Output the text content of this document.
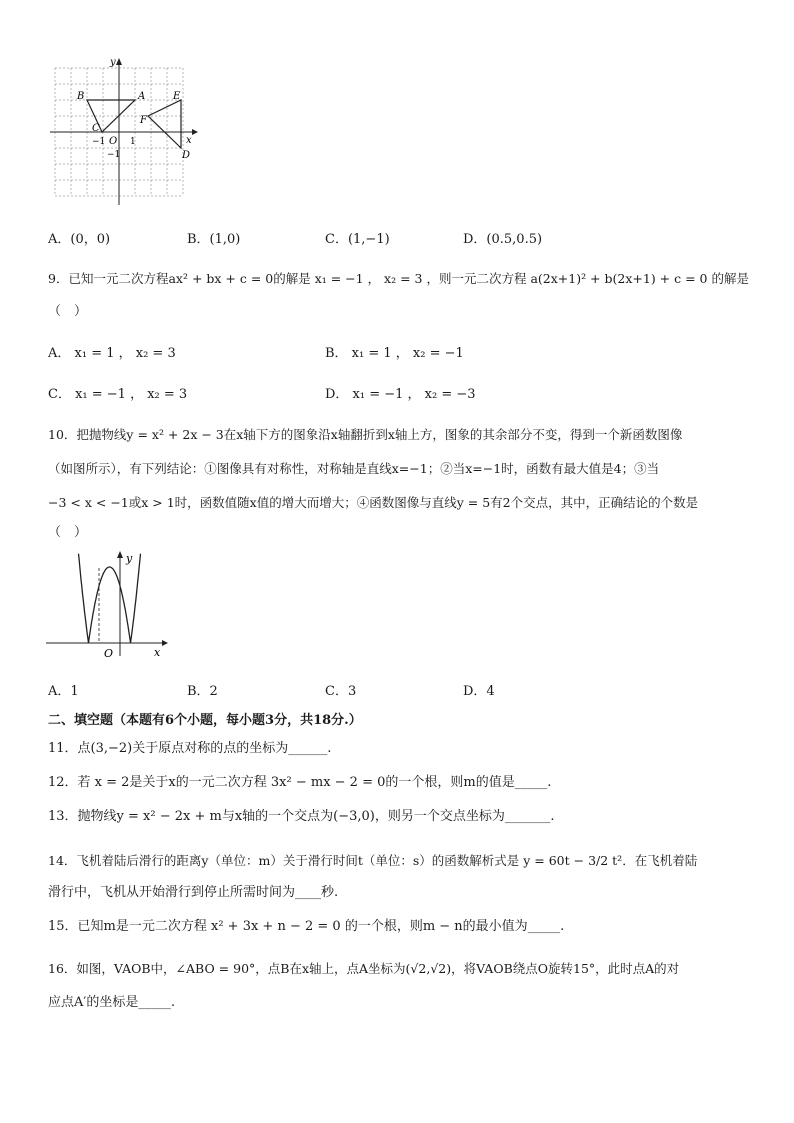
y
x
A
B
C
D
E
F
O
−1	1
−1
A．(0，0)	B．(1,0)	C．(1,−1)	D．(0.5,0.5)
9．已知一元二次方程ax² + bx + c = 0的解是 x₁ = −1 ， x₂ = 3 ，则一元二次方程 a(2x+1)² + b(2x+1) + c = 0 的解是
（　）
A． x₁ = 1 ， x₂ = 3	B． x₁ = 1 ， x₂ = −1
C． x₁ = −1 ， x₂ = 3	D． x₁ = −1 ， x₂ = −3
10．把抛物线y = x² + 2x − 3在x轴下方的图象沿x轴翻折到x轴上方，图象的其余部分不变，得到一个新函数图像
（如图所示），有下列结论：①图像具有对称性，对称轴是直线x=−1；②当x=−1时，函数有最大值是4；③当
−3 < x < −1或x > 1时，函数值随x值的增大而增大；④函数图像与直线y = 5有2个交点，其中，正确结论的个数是
（　）
y
x
O
A．1	B．2	C．3	D．4
二、填空题（本题有6个小题，每小题3分，共18分.）
11．点(3,−2)关于原点对称的点的坐标为______.
12．若 x = 2是关于x的一元二次方程 3x² − mx − 2 = 0的一个根，则m的值是_____.
13．抛物线y = x² − 2x + m与x轴的一个交点为(−3,0)，则另一个交点坐标为_______.
14．飞机着陆后滑行的距离y（单位：m）关于滑行时间t（单位：s）的函数解析式是 y = 60t − 3/2 t²．在飞机着陆
滑行中，飞机从开始滑行到停止所需时间为____秒.
15．已知m是一元二次方程 x² + 3x + n − 2 = 0 的一个根，则m − n的最小值为_____.
16．如图，VAOB中，∠ABO = 90°，点B在x轴上，点A坐标为(√2,√2)，将VAOB绕点O旋转15°，此时点A的对
应点A′的坐标是_____.
